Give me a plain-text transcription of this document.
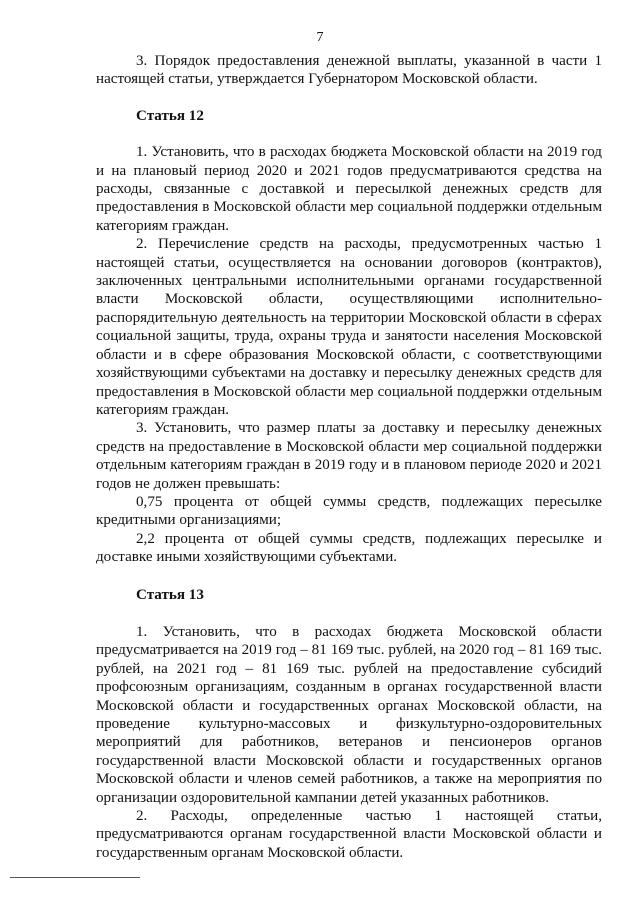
7

3. Порядок предоставления денежной выплаты, указанной в части 1 настоящей статьи, утверждается Губернатором Московской области.

Статья 12

1. Установить, что в расходах бюджета Московской области на 2019 год и на плановый период 2020 и 2021 годов предусматриваются средства на расходы, связанные с доставкой и пересылкой денежных средств для предоставления в Московской области мер социальной поддержки отдельным категориям граждан.

2. Перечисление средств на расходы, предусмотренных частью 1 настоящей статьи, осуществляется на основании договоров (контрактов), заключенных центральными исполнительными органами государственной власти Московской области, осуществляющими исполнительно-распорядительную деятельность на территории Московской области в сферах социальной защиты, труда, охраны труда и занятости населения Московской области и в сфере образования Московской области, с соответствующими хозяйствующими субъектами на доставку и пересылку денежных средств для предоставления в Московской области мер социальной поддержки отдельным категориям граждан.

3. Установить, что размер платы за доставку и пересылку денежных средств на предоставление в Московской области мер социальной поддержки отдельным категориям граждан в 2019 году и в плановом периоде 2020 и 2021 годов не должен превышать:

0,75 процента от общей суммы средств, подлежащих пересылке кредитными организациями;

2,2 процента от общей суммы средств, подлежащих пересылке и доставке иными хозяйствующими субъектами.

Статья 13

1. Установить, что в расходах бюджета Московской области предусматривается на 2019 год – 81 169 тыс. рублей, на 2020 год – 81 169 тыс. рублей, на 2021 год – 81 169 тыс. рублей на предоставление субсидий профсоюзным организациям, созданным в органах государственной власти Московской области и государственных органах Московской области, на проведение культурно-массовых и физкультурно-оздоровительных мероприятий для работников, ветеранов и пенсионеров органов государственной власти Московской области и государственных органов Московской области и членов семей работников, а также на мероприятия по организации оздоровительной кампании детей указанных работников.

2. Расходы, определенные частью 1 настоящей статьи, предусматриваются органам государственной власти Московской области и государственным органам Московской области.
